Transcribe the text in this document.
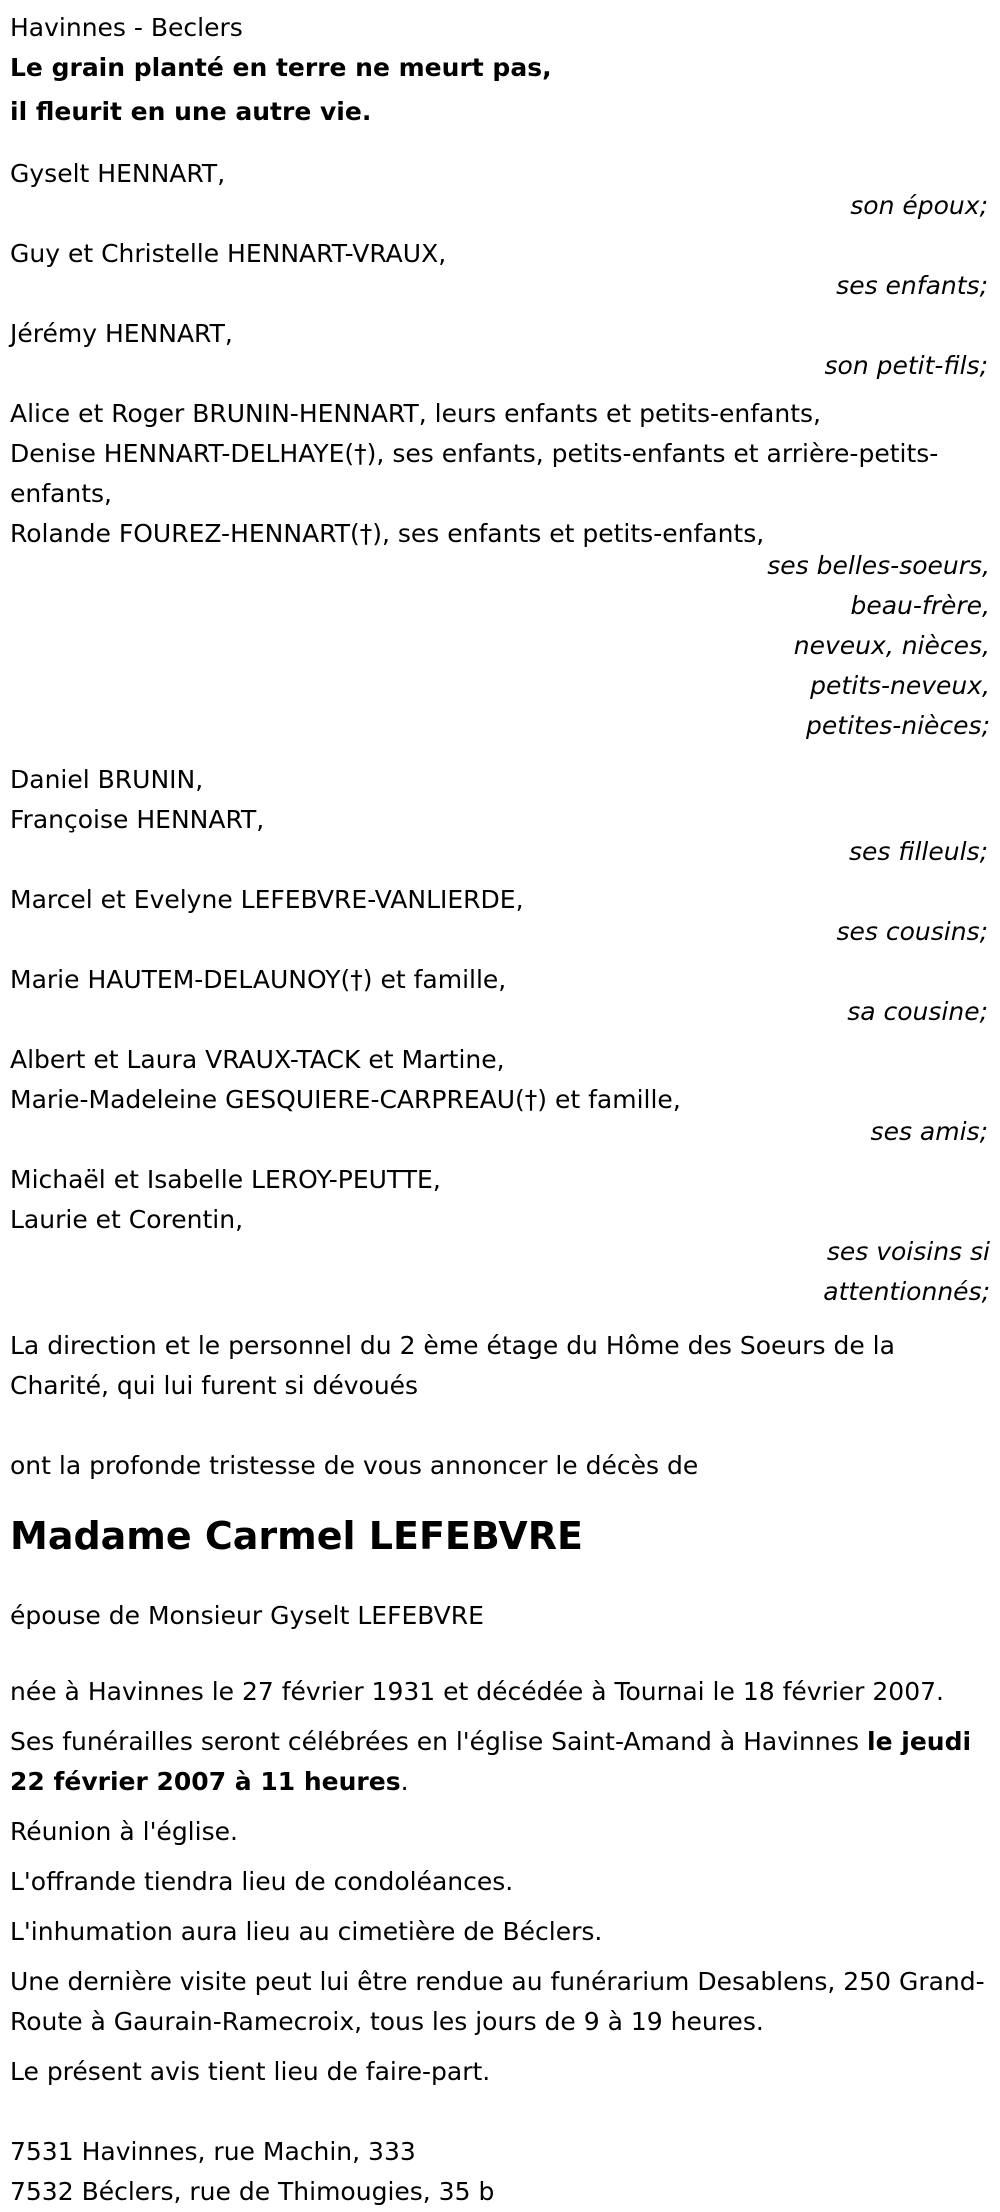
Havinnes - Beclers
Le grain planté en terre ne meurt pas,
il fleurit en une autre vie.
Gyselt HENNART,
son époux;
Guy et Christelle HENNART-VRAUX,
ses enfants;
Jérémy HENNART,
son petit-fils;
Alice et Roger BRUNIN-HENNART, leurs enfants et petits-enfants,
Denise HENNART-DELHAYE(†), ses enfants, petits-enfants et arrière-petits-enfants,
Rolande FOUREZ-HENNART(†), ses enfants et petits-enfants,
ses belles-soeurs, beau-frère, neveux, nièces, petits-neveux, petites-nièces;
Daniel BRUNIN,
Françoise HENNART,
ses filleuls;
Marcel et Evelyne LEFEBVRE-VANLIERDE,
ses cousins;
Marie HAUTEM-DELAUNOY(†) et famille,
sa cousine;
Albert et Laura VRAUX-TACK et Martine,
Marie-Madeleine GESQUIERE-CARPREAU(†) et famille,
ses amis;
Michaël et Isabelle LEROY-PEUTTE,
Laurie et Corentin,
ses voisins si attentionnés;
La direction et le personnel du 2 ème étage du Hôme des Soeurs de la Charité, qui lui furent si dévoués
ont la profonde tristesse de vous annoncer le décès de
Madame Carmel LEFEBVRE
épouse de Monsieur Gyselt LEFEBVRE
née à Havinnes le 27 février 1931 et décédée à Tournai le 18 février 2007.
Ses funérailles seront célébrées en l'église Saint-Amand à Havinnes le jeudi 22 février 2007 à 11 heures.
Réunion à l'église.
L'offrande tiendra lieu de condoléances.
L'inhumation aura lieu au cimetière de Béclers.
Une dernière visite peut lui être rendue au funérarium Desablens, 250 Grand-Route à Gaurain-Ramecroix, tous les jours de 9 à 19 heures.
Le présent avis tient lieu de faire-part.
7531 Havinnes, rue Machin, 333
7532 Béclers, rue de Thimougies, 35 b
